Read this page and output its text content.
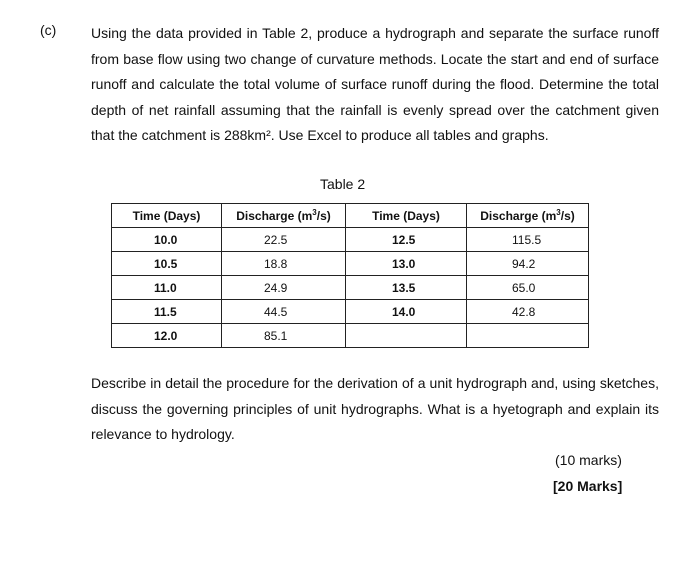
(c) Using the data provided in Table 2, produce a hydrograph and separate the surface runoff from base flow using two change of curvature methods. Locate the start and end of surface runoff and calculate the total volume of surface runoff during the flood. Determine the total depth of net rainfall assuming that the rainfall is evenly spread over the catchment given that the catchment is 288km². Use Excel to produce all tables and graphs.

Table 2
Time (Days)	Discharge $(m^3/s)$	Time (Days)	Discharge $(m^3/s)$
10.0	22.5	12.5	115.5
10.5	18.8	13.0	94.2
11.0	24.9	13.5	65.0
11.5	44.5	14.0	42.8
12.0	85.1		

Describe in detail the procedure for the derivation of a unit hydrograph and, using sketches, discuss the governing principles of unit hydrographs. What is a hyetograph and explain its relevance to hydrology.

(10 marks)
[20 Marks]
